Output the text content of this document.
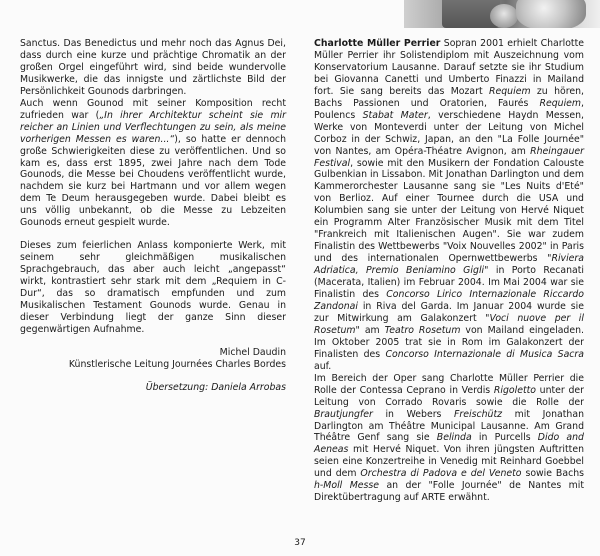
Sanctus. Das Benedictus und mehr noch das Agnus Dei, dass durch eine kurze und prächtige Chromatik an der großen Orgel eingeführt wird, sind beide wundervolle Musikwerke, die das innigste und zärtlichste Bild der Persönlichkeit Gounods darbringen.

Auch wenn Gounod mit seiner Komposition recht zufrieden war („In ihrer Architektur scheint sie mir reicher an Linien und Verflechtungen zu sein, als meine vorherigen Messen es waren...“), so hatte er dennoch große Schwierigkeiten diese zu veröffentlichen. Und so kam es, dass erst 1895, zwei Jahre nach dem Tode Gounods, die Messe bei Choudens veröffentlicht wurde, nachdem sie kurz bei Hartmann und vor allem wegen dem Te Deum herausgegeben wurde. Dabei bleibt es uns völlig unbekannt, ob die Messe zu Lebzeiten Gounods erneut gespielt wurde.

Dieses zum feierlichen Anlass komponierte Werk, mit seinem sehr gleichmäßigen musikalischen Sprachgebrauch, das aber auch leicht „angepasst“ wirkt, kontrastiert sehr stark mit dem „Requiem in C-Dur“, das so dramatisch empfunden und zum Musikalischen Testament Gounods wurde. Genau in dieser Verbindung liegt der ganze Sinn dieser gegenwärtigen Aufnahme.

Michel Daudin

Künstlerische Leitung Journées Charles Bordes

Übersetzung: Daniela Arrobas

Charlotte Müller Perrier Sopran 2001 erhielt Charlotte Müller Perrier ihr Solistendiplom mit Auszeichnung vom Konservatorium Lausanne. Darauf setzte sie ihr Studium bei Giovanna Canetti und Umberto Finazzi in Mailand fort. Sie sang bereits das Mozart Requiem zu hören, Bachs Passionen und Oratorien, Faurés Requiem, Poulencs Stabat Mater, verschiedene Haydn Messen, Werke von Monteverdi unter der Leitung von Michel Corboz in der Schwiz, Japan, an den "La Folle Journée" von Nantes, am Opéra-Théatre Avignon, am Rheingauer Festival, sowie mit den Musikern der Fondation Calouste Gulbenkian in Lissabon. Mit Jonathan Darlington und dem Kammerorchester Lausanne sang sie "Les Nuits d'Eté" von Berlioz. Auf einer Tournee durch die USA und Kolumbien sang sie unter der Leitung von Hervé Niquet ein Programm Alter Französischer Musik mit dem Titel "Frankreich mit Italienischen Augen". Sie war zudem Finalistin des Wettbewerbs "Voix Nouvelles 2002" in Paris und des internationalen Opernwettbewerbs "Riviera Adriatica, Premio Beniamino Gigli" in Porto Recanati (Macerata, Italien) im Februar 2004. Im Mai 2004 war sie Finalistin des Concorso Lirico Internazionale Riccardo Zandonai in Riva del Garda. Im Januar 2004 wurde sie zur Mitwirkung am Galakonzert "Voci nuove per il Rosetum" am Teatro Rosetum von Mailand eingeladen. Im Oktober 2005 trat sie in Rom im Galakonzert der Finalisten des Concorso Internazionale di Musica Sacra auf.

Im Bereich der Oper sang Charlotte Müller Perrier die Rolle der Contessa Ceprano in Verdis Rigoletto unter der Leitung von Corrado Rovaris sowie die Rolle der Brautjungfer in Webers Freischütz mit Jonathan Darlington am Théâtre Municipal Lausanne. Am Grand Théâtre Genf sang sie Belinda in Purcells Dido and Aeneas mit Hervé Niquet. Von ihren jüngsten Auftritten seien eine Konzertreihe in Venedig mit Reinhard Goebbel und dem Orchestra di Padova e del Veneto sowie Bachs h-Moll Messe an der "Folle Journée" de Nantes mit Direktübertragung auf ARTE erwähnt.

37
